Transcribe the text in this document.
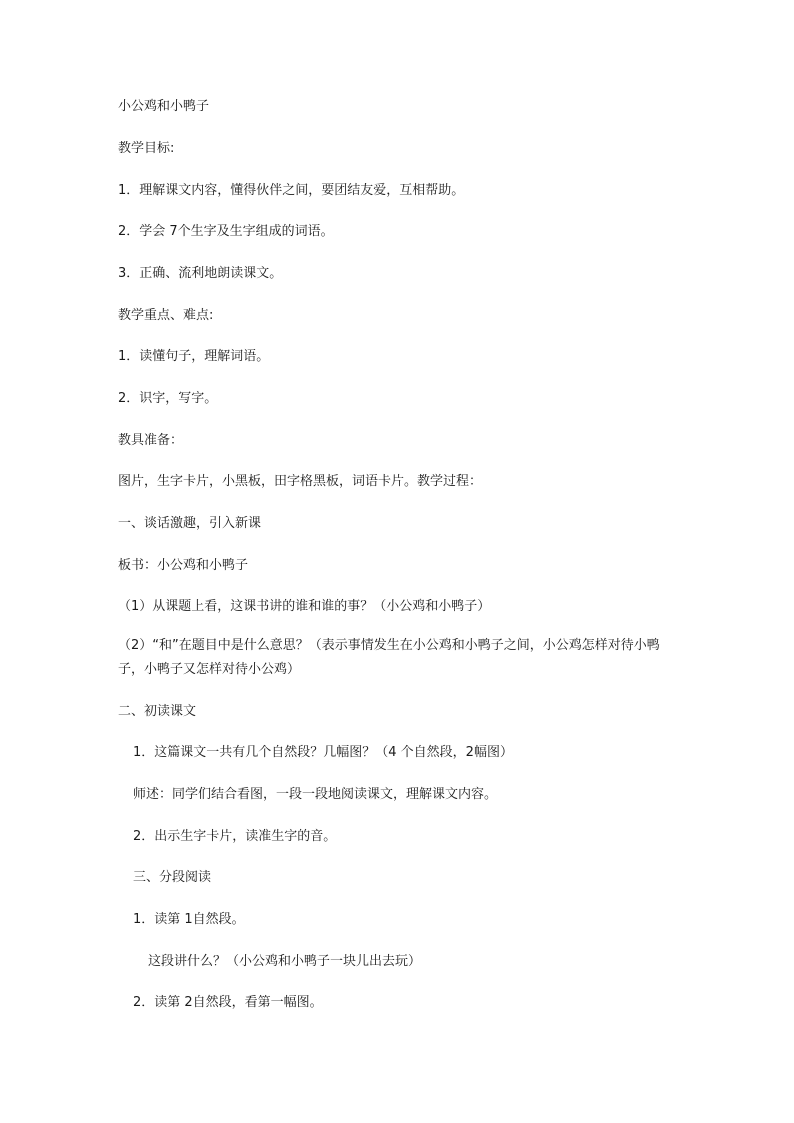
小公鸡和小鸭子
教学目标:
1．理解课文内容，懂得伙伴之间，要团结友爱，互相帮助。
2．学会 7个生字及生字组成的词语。
3．正确、流利地朗读课文。
教学重点、难点:
1．读懂句子，理解词语。
2．识字，写字。
教具准备：
图片，生字卡片，小黑板，田字格黑板，词语卡片。教学过程：
一、谈话激趣，引入新课
板书：小公鸡和小鸭子
（1）从课题上看，这课书讲的谁和谁的事？（小公鸡和小鸭子）
（2）“和”在题目中是什么意思？（表示事情发生在小公鸡和小鸭子之间，小公鸡怎样对待小鸭子，小鸭子又怎样对待小公鸡）
二、初读课文
1．这篇课文一共有几个自然段？几幅图？（4 个自然段，2幅图）
师述：同学们结合看图，一段一段地阅读课文，理解课文内容。
2．出示生字卡片，读准生字的音。
三、分段阅读
1．读第 1自然段。
这段讲什么？（小公鸡和小鸭子一块儿出去玩）
2．读第 2自然段，看第一幅图。
